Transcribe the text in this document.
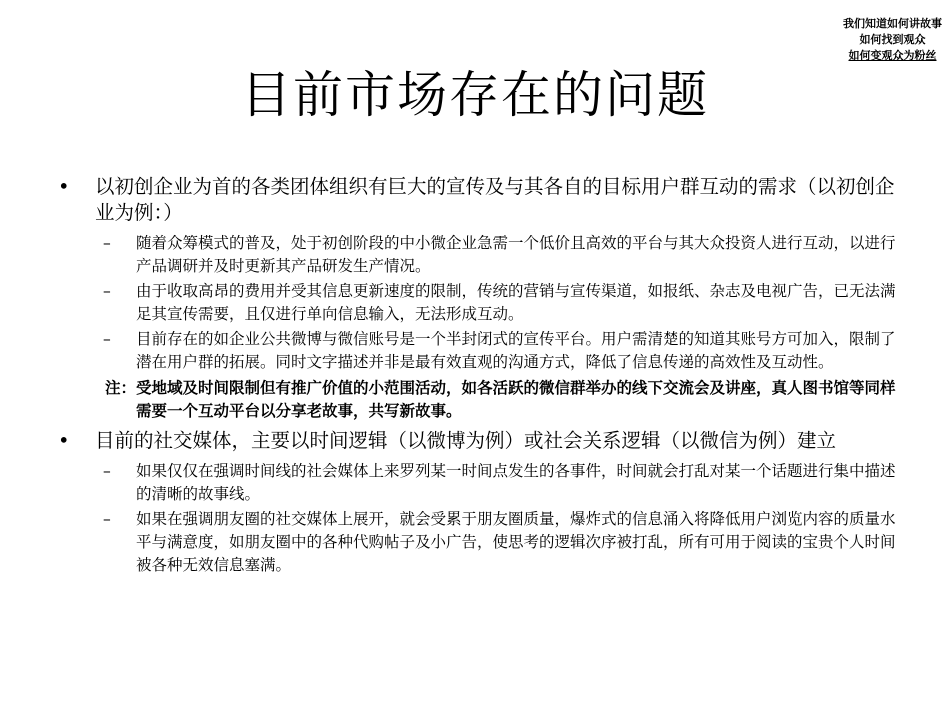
我们知道如何讲故事
如何找到观众
如何变观众为粉丝
目前市场存在的问题
• 以初创企业为首的各类团体组织有巨大的宣传及与其各自的目标用户群互动的需求（以初创企业为例：）
– 随着众筹模式的普及，处于初创阶段的中小微企业急需一个低价且高效的平台与其大众投资人进行互动，以进行产品调研并及时更新其产品研发生产情况。
– 由于收取高昂的费用并受其信息更新速度的限制，传统的营销与宣传渠道，如报纸、杂志及电视广告，已无法满足其宣传需要，且仅进行单向信息输入，无法形成互动。
– 目前存在的如企业公共微博与微信账号是一个半封闭式的宣传平台。用户需清楚的知道其账号方可加入，限制了潜在用户群的拓展。同时文字描述并非是最有效直观的沟通方式，降低了信息传递的高效性及互动性。
注： 受地域及时间限制但有推广价值的小范围活动，如各活跃的微信群举办的线下交流会及讲座，真人图书馆等同样需要一个互动平台以分享老故事，共写新故事。
• 目前的社交媒体，主要以时间逻辑（以微博为例）或社会关系逻辑（以微信为例）建立
– 如果仅仅在强调时间线的社会媒体上来罗列某一时间点发生的各事件，时间就会打乱对某一个话题进行集中描述的清晰的故事线。
– 如果在强调朋友圈的社交媒体上展开，就会受累于朋友圈质量，爆炸式的信息涌入将降低用户浏览内容的质量水平与满意度，如朋友圈中的各种代购帖子及小广告，使思考的逻辑次序被打乱，所有可用于阅读的宝贵个人时间被各种无效信息塞满。
